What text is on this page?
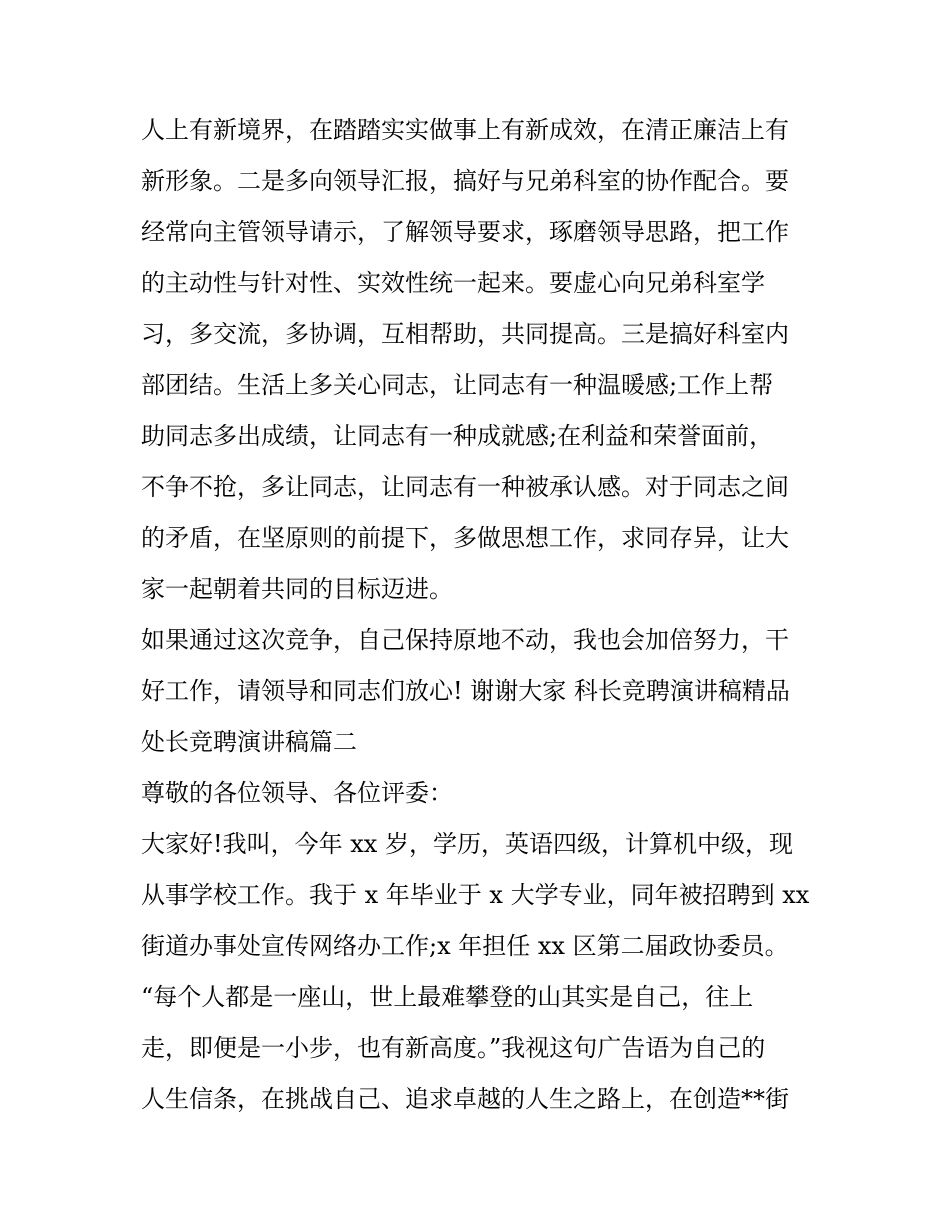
人上有新境界，在踏踏实实做事上有新成效，在清正廉洁上有
新形象。二是多向领导汇报，搞好与兄弟科室的协作配合。要
经常向主管领导请示，了解领导要求，琢磨领导思路，把工作
的主动性与针对性、实效性统一起来。要虚心向兄弟科室学
习，多交流，多协调，互相帮助，共同提高。三是搞好科室内
部团结。生活上多关心同志，让同志有一种温暖感;工作上帮
助同志多出成绩，让同志有一种成就感;在利益和荣誉面前，
不争不抢，多让同志，让同志有一种被承认感。对于同志之间
的矛盾，在坚原则的前提下，多做思想工作，求同存异，让大
家一起朝着共同的目标迈进。
如果通过这次竞争，自己保持原地不动，我也会加倍努力，干
好工作，请领导和同志们放心! 谢谢大家 科长竞聘演讲稿精品
处长竞聘演讲稿篇二
尊敬的各位领导、各位评委：
大家好!我叫，今年 xx 岁，学历，英语四级，计算机中级，现
从事学校工作。我于 x 年毕业于 x 大学专业，同年被招聘到 xx
街道办事处宣传网络办工作;x 年担任 xx 区第二届政协委员。
“每个人都是一座山，世上最难攀登的山其实是自己，往上
走，即便是一小步，也有新高度。”我视这句广告语为自己的
人生信条，在挑战自己、追求卓越的人生之路上，在创造**街
